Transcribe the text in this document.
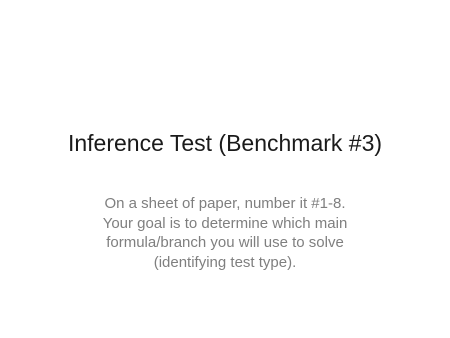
Inference Test (Benchmark #3)
On a sheet of paper, number it #1-8.
Your goal is to determine which main
formula/branch you will use to solve
(identifying test type).
